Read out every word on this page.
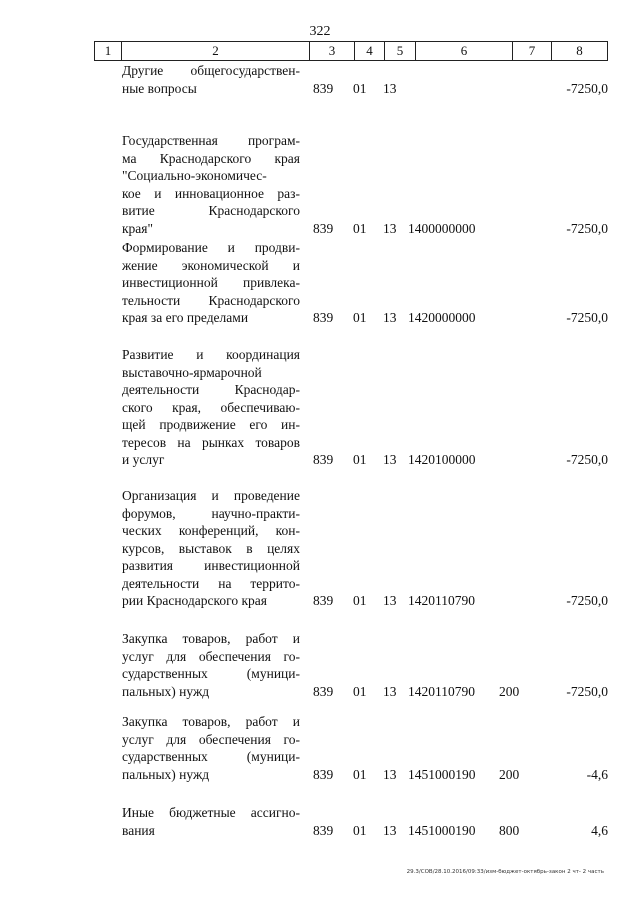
322
1	2	3	4	5	6	7	8
Другие общегосударствен-
ные вопросы	839 01 13	-7250,0
Государственная програм-
ма Краснодарского края
"Социально-экономичес-
кое и инновационное раз-
витие Краснодарского
края"	839 01 13 1400000000	-7250,0
Формирование и продви-
жение экономической и
инвестиционной привлека-
тельности Краснодарского
края за его пределами	839 01 13 1420000000	-7250,0
Развитие и координация
выставочно-ярмарочной
деятельности Краснодар-
ского края, обеспечиваю-
щей продвижение его ин-
тересов на рынках товаров
и услуг	839 01 13 1420100000	-7250,0
Организация и проведение
форумов, научно-практи-
ческих конференций, кон-
курсов, выставок в целях
развития инвестиционной
деятельности на террито-
рии Краснодарского края	839 01 13 1420110790	-7250,0
Закупка товаров, работ и
услуг для обеспечения го-
сударственных (муници-
пальных) нужд	839 01 13 1420110790 200	-7250,0
Закупка товаров, работ и
услуг для обеспечения го-
сударственных (муници-
пальных) нужд	839 01 13 1451000190 200	-4,6
Иные бюджетные ассигно-
вания	839 01 13 1451000190 800	4,6
29.3/СОВ/28.10.2016/09:33/изм-бюджет-октябрь-закон 2 чт- 2 часть
